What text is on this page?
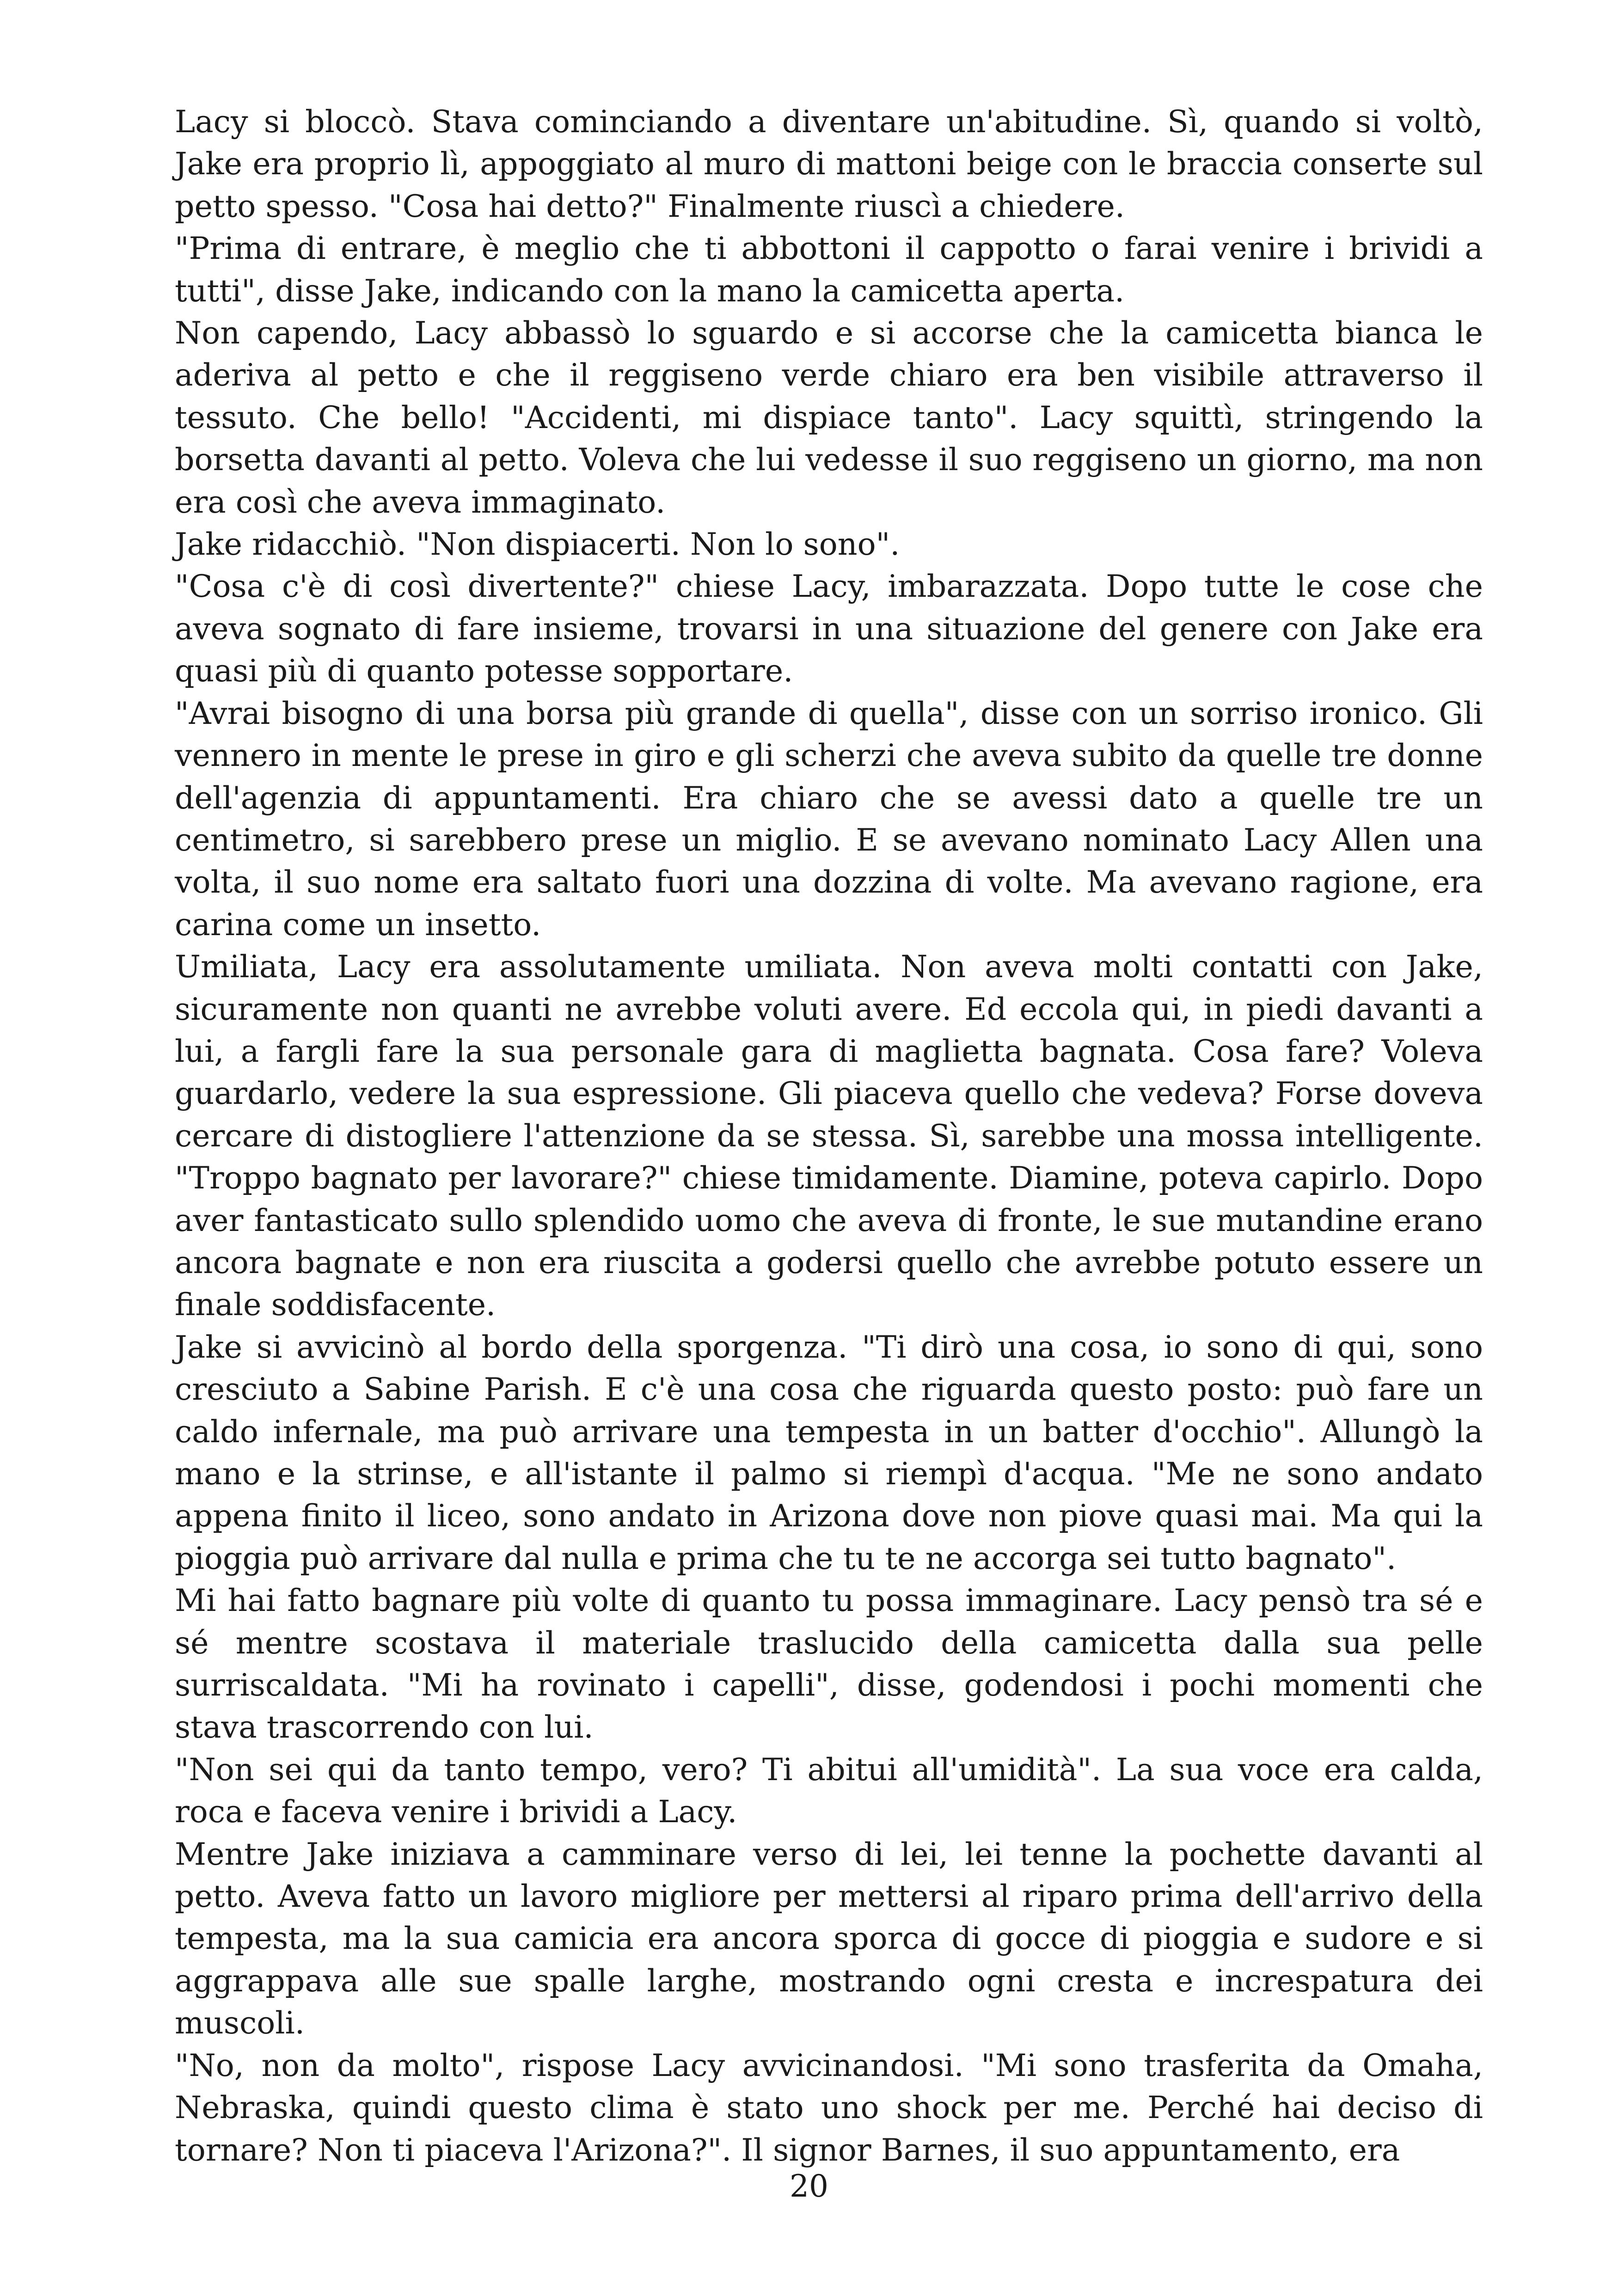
Lacy si bloccò. Stava cominciando a diventare un'abitudine. Sì, quando si voltò, Jake era proprio lì, appoggiato al muro di mattoni beige con le braccia conserte sul petto spesso. "Cosa hai detto?" Finalmente riuscì a chiedere.

"Prima di entrare, è meglio che ti abbottoni il cappotto o farai venire i brividi a tutti", disse Jake, indicando con la mano la camicetta aperta.

Non capendo, Lacy abbassò lo sguardo e si accorse che la camicetta bianca le aderiva al petto e che il reggiseno verde chiaro era ben visibile attraverso il tessuto. Che bello! "Accidenti, mi dispiace tanto". Lacy squittì, stringendo la borsetta davanti al petto. Voleva che lui vedesse il suo reggiseno un giorno, ma non era così che aveva immaginato.

Jake ridacchiò. "Non dispiacerti. Non lo sono".

"Cosa c'è di così divertente?" chiese Lacy, imbarazzata. Dopo tutte le cose che aveva sognato di fare insieme, trovarsi in una situazione del genere con Jake era quasi più di quanto potesse sopportare.

"Avrai bisogno di una borsa più grande di quella", disse con un sorriso ironico. Gli vennero in mente le prese in giro e gli scherzi che aveva subito da quelle tre donne dell'agenzia di appuntamenti. Era chiaro che se avessi dato a quelle tre un centimetro, si sarebbero prese un miglio. E se avevano nominato Lacy Allen una volta, il suo nome era saltato fuori una dozzina di volte. Ma avevano ragione, era carina come un insetto.

Umiliata, Lacy era assolutamente umiliata. Non aveva molti contatti con Jake, sicuramente non quanti ne avrebbe voluti avere. Ed eccola qui, in piedi davanti a lui, a fargli fare la sua personale gara di maglietta bagnata. Cosa fare? Voleva guardarlo, vedere la sua espressione. Gli piaceva quello che vedeva? Forse doveva cercare di distogliere l'attenzione da se stessa. Sì, sarebbe una mossa intelligente. "Troppo bagnato per lavorare?" chiese timidamente. Diamine, poteva capirlo. Dopo aver fantasticato sullo splendido uomo che aveva di fronte, le sue mutandine erano ancora bagnate e non era riuscita a godersi quello che avrebbe potuto essere un finale soddisfacente.

Jake si avvicinò al bordo della sporgenza. "Ti dirò una cosa, io sono di qui, sono cresciuto a Sabine Parish. E c'è una cosa che riguarda questo posto: può fare un caldo infernale, ma può arrivare una tempesta in un batter d'occhio". Allungò la mano e la strinse, e all'istante il palmo si riempì d'acqua. "Me ne sono andato appena finito il liceo, sono andato in Arizona dove non piove quasi mai. Ma qui la pioggia può arrivare dal nulla e prima che tu te ne accorga sei tutto bagnato".

Mi hai fatto bagnare più volte di quanto tu possa immaginare. Lacy pensò tra sé e sé mentre scostava il materiale traslucido della camicetta dalla sua pelle surriscaldata. "Mi ha rovinato i capelli", disse, godendosi i pochi momenti che stava trascorrendo con lui.

"Non sei qui da tanto tempo, vero? Ti abitui all'umidità". La sua voce era calda, roca e faceva venire i brividi a Lacy.

Mentre Jake iniziava a camminare verso di lei, lei tenne la pochette davanti al petto. Aveva fatto un lavoro migliore per mettersi al riparo prima dell'arrivo della tempesta, ma la sua camicia era ancora sporca di gocce di pioggia e sudore e si aggrappava alle sue spalle larghe, mostrando ogni cresta e increspatura dei muscoli.

"No, non da molto", rispose Lacy avvicinandosi. "Mi sono trasferita da Omaha, Nebraska, quindi questo clima è stato uno shock per me. Perché hai deciso di tornare? Non ti piaceva l'Arizona?". Il signor Barnes, il suo appuntamento, era

20
